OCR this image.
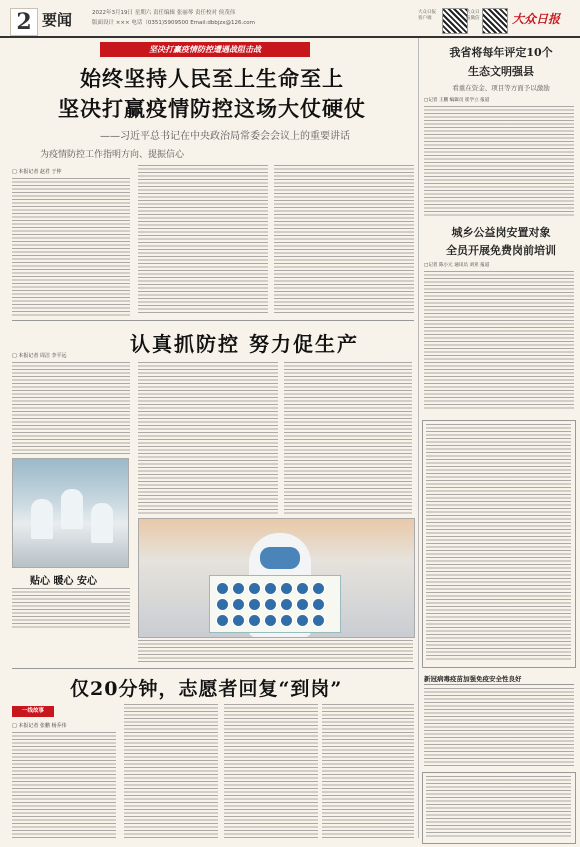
2 要闻	2022年3月19日 星期六 责任编辑 张丽琴 责任校对 侯茂伟
版面设计 ××× 电话（0351)5909500 Email:dbbjzx@126.com
大众日报客户端
大众日报微信	大众日报
坚决打赢疫情防控遭遇战阻击战
始终坚持人民至上生命至上
坚决打赢疫情防控这场大仗硬仗
——习近平总书记在中央政治局常委会会议上的重要讲话
为疫情防控工作指明方向、提振信心
□ 本报记者 赵君 于仲
认真抓防控 努力促生产
□ 本报记者 周洁 李平远
贴心 暖心 安心
仅20分钟，志愿者回复“到岗”
一线故事
□ 本报记者 张鹏 杨乔伟
我省将每年评定10个
生态文明强县
看重在资金、项目等方面予以激励
□记者 王鹏 编辑员 崔学立 报道
城乡公益岗安置对象
全员开展免费岗前培训
□记者 陈小元 通讯员 刘亚 报道
新冠病毒疫苗加强免疫安全性良好
